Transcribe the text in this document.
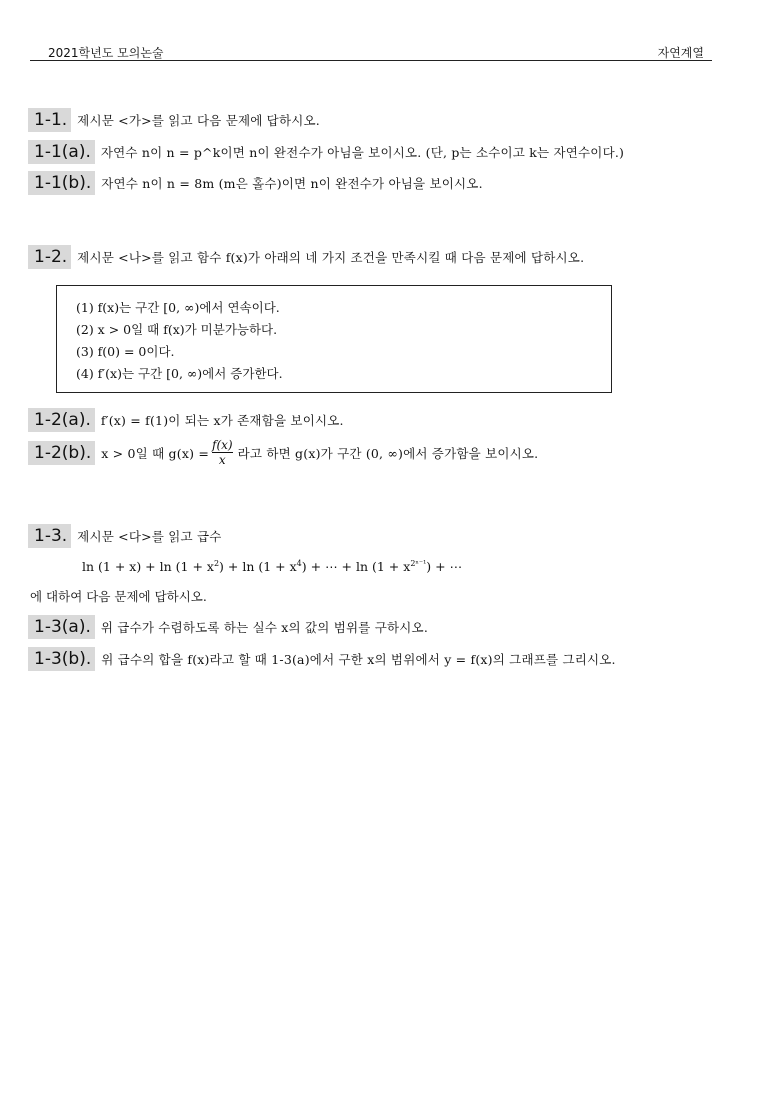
2021학년도 모의논술	자연계열
1-1. 제시문 <가>를 읽고 다음 문제에 답하시오.
1-1(a). 자연수 n이 n = p^k이면 n이 완전수가 아님을 보이시오. (단, p는 소수이고 k는 자연수이다.)
1-1(b). 자연수 n이 n = 8m (m은 홀수)이면 n이 완전수가 아님을 보이시오.
1-2. 제시문 <나>를 읽고 함수 f(x)가 아래의 네 가지 조건을 만족시킬 때 다음 문제에 답하시오.
(1) f(x)는 구간 [0, ∞)에서 연속이다.
(2) x > 0일 때 f(x)가 미분가능하다.
(3) f(0) = 0이다.
(4) f′(x)는 구간 [0, ∞)에서 증가한다.
1-2(a). f′(x) = f(1)이 되는 x가 존재함을 보이시오.
1-2(b). x > 0일 때 $g(x) = \frac{f(x)}{x}$ 라고 하면 g(x)가 구간 (0, ∞)에서 증가함을 보이시오.
1-3. 제시문 <다>를 읽고 급수
$\ln (1 + x) + \ln (1 + x^2) + \ln (1 + x^4)$ + ⋯ + $\ln (1 + x^{2^{n-1}})$ + ⋯
에 대하여 다음 문제에 답하시오.
1-3(a). 위 급수가 수렴하도록 하는 실수 x의 값의 범위를 구하시오.
1-3(b). 위 급수의 합을 f(x)라고 할 때 1-3(a)에서 구한 x의 범위에서 y = f(x)의 그래프를 그리시오.
